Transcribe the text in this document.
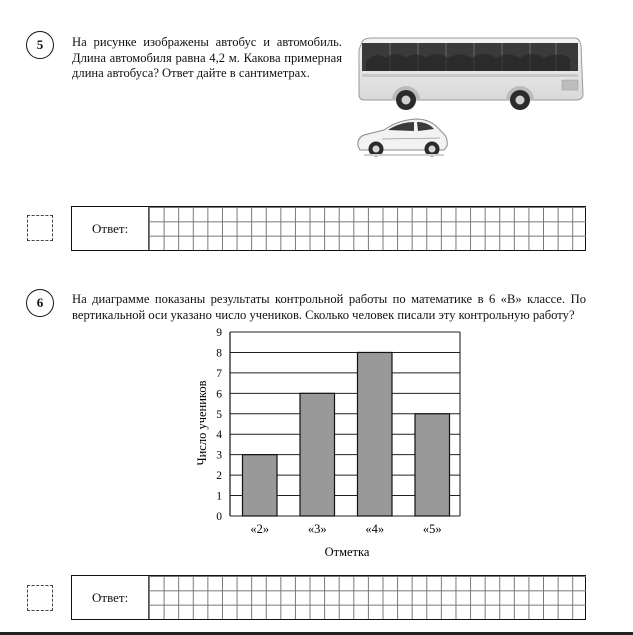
5 На рисунке изображены автобус и автомобиль. Длина автомобиля равна 4,2 м. Какова примерная длина автобуса? Ответ дайте в сантиметрах.
Ответ:
6 На диаграмме показаны результаты контрольной работы по математике в 6 «В» классе. По вертикальной оси указано число учеников. Сколько человек писали эту контрольную работу?
0
1
2
3
4
5
6
7
8
9
«2»	«3»	«4»	«5»
Число учеников
Отметка
Ответ:
